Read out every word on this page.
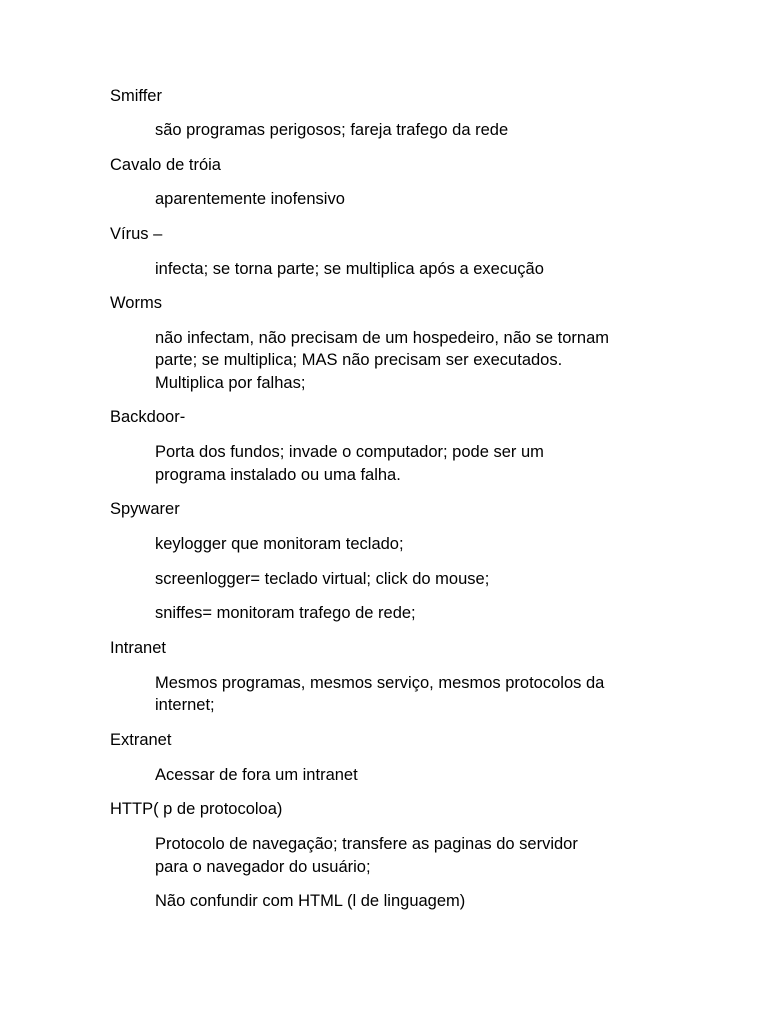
Smiffer
são programas perigosos; fareja trafego da rede
Cavalo de tróia
aparentemente inofensivo
Vírus –
infecta; se torna parte; se multiplica após a execução
Worms
não infectam, não precisam de um hospedeiro, não se tornam
parte; se multiplica; MAS não precisam ser executados.
Multiplica por falhas;
Backdoor-
Porta dos fundos; invade o computador; pode ser um
programa instalado ou uma falha.
Spywarer
keylogger que monitoram teclado;
screenlogger= teclado virtual; click do mouse;
sniffes= monitoram trafego de rede;
Intranet
Mesmos programas, mesmos serviço, mesmos protocolos da
internet;
Extranet
Acessar de fora um intranet
HTTP( p de protocoloa)
Protocolo de navegação; transfere as paginas do servidor
para o navegador do usuário;
Não confundir com HTML (l de linguagem)
